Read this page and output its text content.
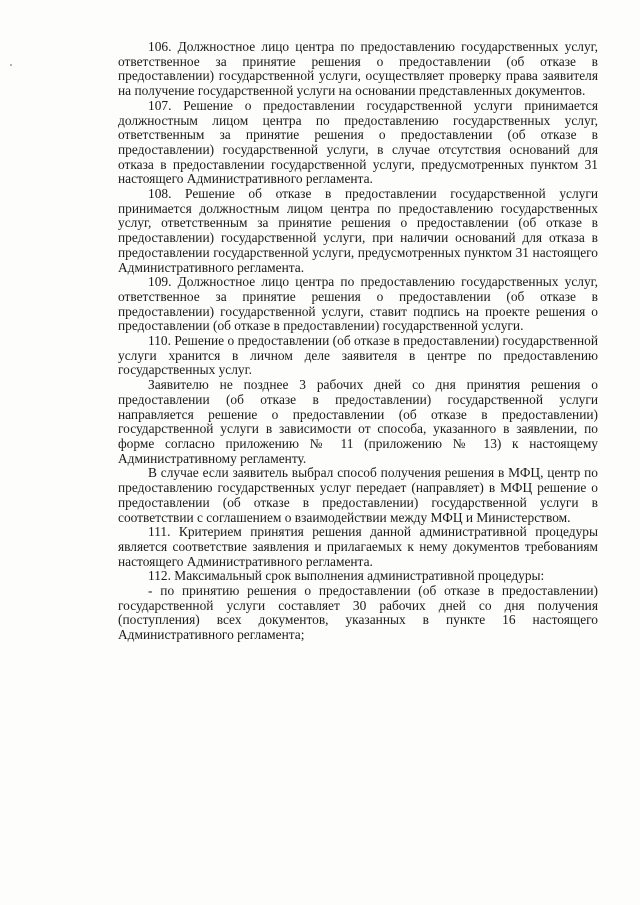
106. Должностное лицо центра по предоставлению государственных услуг, ответственное за принятие решения о предоставлении (об отказе в предоставлении) государственной услуги, осуществляет проверку права заявителя на получение государственной услуги на основании представленных документов.

107. Решение о предоставлении государственной услуги принимается должностным лицом центра по предоставлению государственных услуг, ответственным за принятие решения о предоставлении (об отказе в предоставлении) государственной услуги, в случае отсутствия оснований для отказа в предоставлении государственной услуги, предусмотренных пунктом 31 настоящего Административного регламента.

108. Решение об отказе в предоставлении государственной услуги принимается должностным лицом центра по предоставлению государственных услуг, ответственным за принятие решения о предоставлении (об отказе в предоставлении) государственной услуги, при наличии оснований для отказа в предоставлении государственной услуги, предусмотренных пунктом 31 настоящего Административного регламента.

109. Должностное лицо центра по предоставлению государственных услуг, ответственное за принятие решения о предоставлении (об отказе в предоставлении) государственной услуги, ставит подпись на проекте решения о предоставлении (об отказе в предоставлении) государственной услуги.

110. Решение о предоставлении (об отказе в предоставлении) государственной услуги хранится в личном деле заявителя в центре по предоставлению государственных услуг.

Заявителю не позднее 3 рабочих дней со дня принятия решения о предоставлении (об отказе в предоставлении) государственной услуги направляется решение о предоставлении (об отказе в предоставлении) государственной услуги в зависимости от способа, указанного в заявлении, по форме согласно приложению № 11 (приложению № 13) к настоящему Административному регламенту.

В случае если заявитель выбрал способ получения решения в МФЦ, центр по предоставлению государственных услуг передает (направляет) в МФЦ решение о предоставлении (об отказе в предоставлении) государственной услуги в соответствии с соглашением о взаимодействии между МФЦ и Министерством.

111. Критерием принятия решения данной административной процедуры является соответствие заявления и прилагаемых к нему документов требованиям настоящего Административного регламента.

112. Максимальный срок выполнения административной процедуры:

- по принятию решения о предоставлении (об отказе в предоставлении) государственной услуги составляет 30 рабочих дней со дня получения (поступления) всех документов, указанных в пункте 16 настоящего Административного регламента;
